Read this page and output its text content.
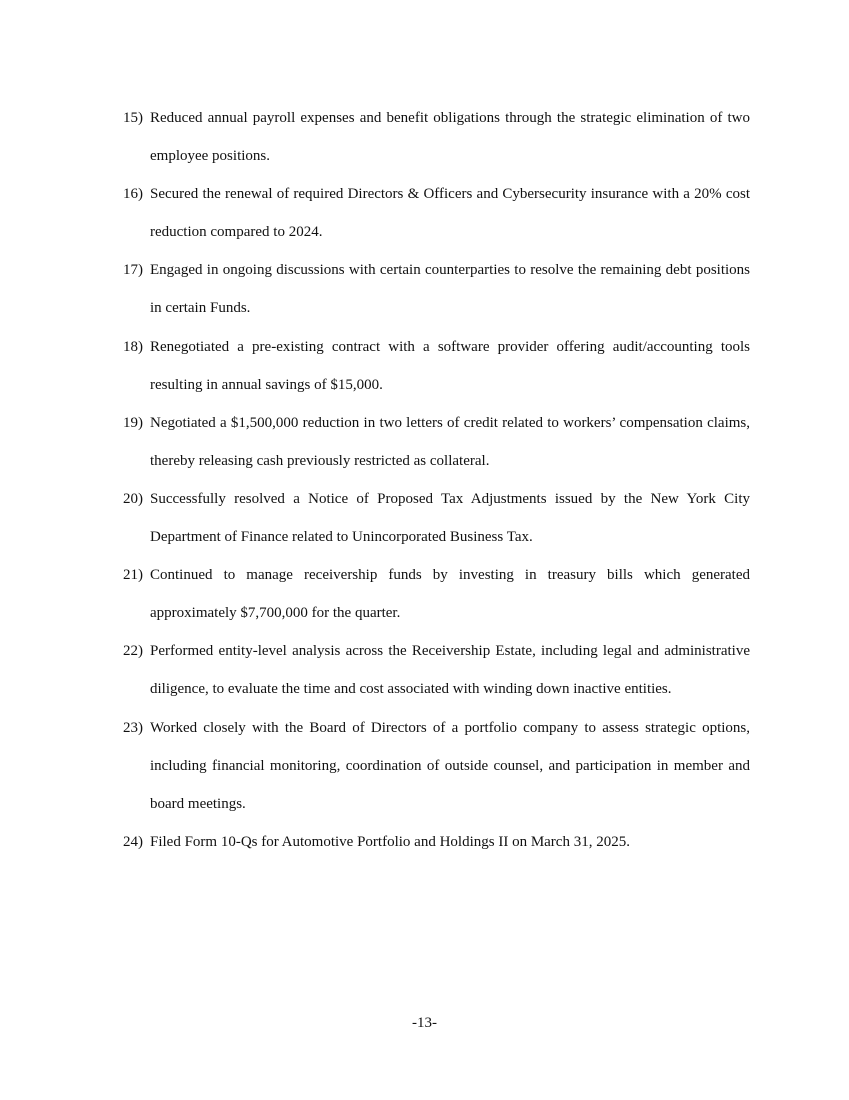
15) Reduced annual payroll expenses and benefit obligations through the strategic elimination of two employee positions.
16) Secured the renewal of required Directors & Officers and Cybersecurity insurance with a 20% cost reduction compared to 2024.
17) Engaged in ongoing discussions with certain counterparties to resolve the remaining debt positions in certain Funds.
18) Renegotiated a pre-existing contract with a software provider offering audit/accounting tools resulting in annual savings of $15,000.
19) Negotiated a $1,500,000 reduction in two letters of credit related to workers’ compensation claims, thereby releasing cash previously restricted as collateral.
20) Successfully resolved a Notice of Proposed Tax Adjustments issued by the New York City Department of Finance related to Unincorporated Business Tax.
21) Continued to manage receivership funds by investing in treasury bills which generated approximately $7,700,000 for the quarter.
22) Performed entity-level analysis across the Receivership Estate, including legal and administrative diligence, to evaluate the time and cost associated with winding down inactive entities.
23) Worked closely with the Board of Directors of a portfolio company to assess strategic options, including financial monitoring, coordination of outside counsel, and participation in member and board meetings.
24) Filed Form 10-Qs for Automotive Portfolio and Holdings II on March 31, 2025.
-13-
